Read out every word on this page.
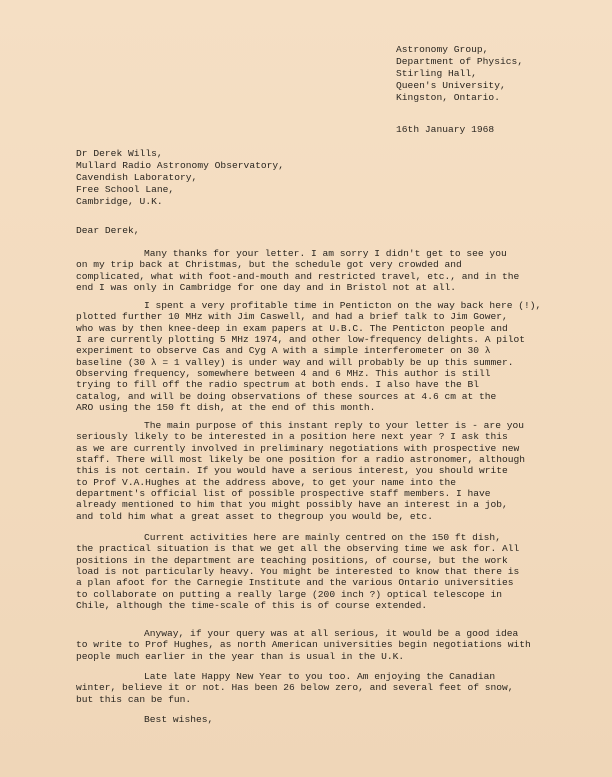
Astronomy Group,
Department of Physics,
Stirling Hall,
Queen's University,
Kingston, Ontario.
16th January 1968
Dr Derek Wills,
Mullard Radio Astronomy Observatory,
Cavendish Laboratory,
Free School Lane,
Cambridge, U.K.
Dear Derek,
Many thanks for your letter. I am sorry I didn't get to see you
on my trip back at Christmas, but the schedule got very crowded and
complicated, what with foot-and-mouth and restricted travel, etc., and in the
end I was only in Cambridge for one day and in Bristol not at all.
I spent a very profitable time in Penticton on the way back here (!),
plotted further 10 MHz with Jim Caswell, and had a brief talk to Jim Gower,
who was by then knee-deep in exam papers at U.B.C. The Penticton people and
I are currently plotting 5 MHz 1974, and other low-frequency delights. A pilot
experiment to observe Cas and Cyg A with a simple interferometer on 30 λ
baseline (30 λ = 1 valley) is under way and will probably be up this summer.
Observing frequency, somewhere between 4 and 6 MHz. This author is still
trying to fill off the radio spectrum at both ends. I also have the Bl
catalog, and will be doing observations of these sources at 4.6 cm at the
ARO using the 150 ft dish, at the end of this month.
The main purpose of this instant reply to your letter is - are you
seriously likely to be interested in a position here next year ? I ask this
as we are currently involved in preliminary negotiations with prospective new
staff. There will most likely be one position for a radio astronomer, although
this is not certain. If you would have a serious interest, you should write
to Prof V.A.Hughes at the address above, to get your name into the
department's official list of possible prospective staff members. I have
already mentioned to him that you might possibly have an interest in a job,
and told him what a great asset to thegroup you would be, etc.
Current activities here are mainly centred on the 150 ft dish,
the practical situation is that we get all the observing time we ask for. All
positions in the department are teaching positions, of course, but the work
load is not particularly heavy. You might be interested to know that there is
a plan afoot for the Carnegie Institute and the various Ontario universities
to collaborate on putting a really large (200 inch ?) optical telescope in
Chile, although the time-scale of this is of course extended.
Anyway, if your query was at all serious, it would be a good idea
to write to Prof Hughes, as north American universities begin negotiations with
people much earlier in the year than is usual in the U.K.
Late late Happy New Year to you too. Am enjoying the Canadian
winter, believe it or not. Has been 26 below zero, and several feet of snow,
but this can be fun.
Best wishes,
